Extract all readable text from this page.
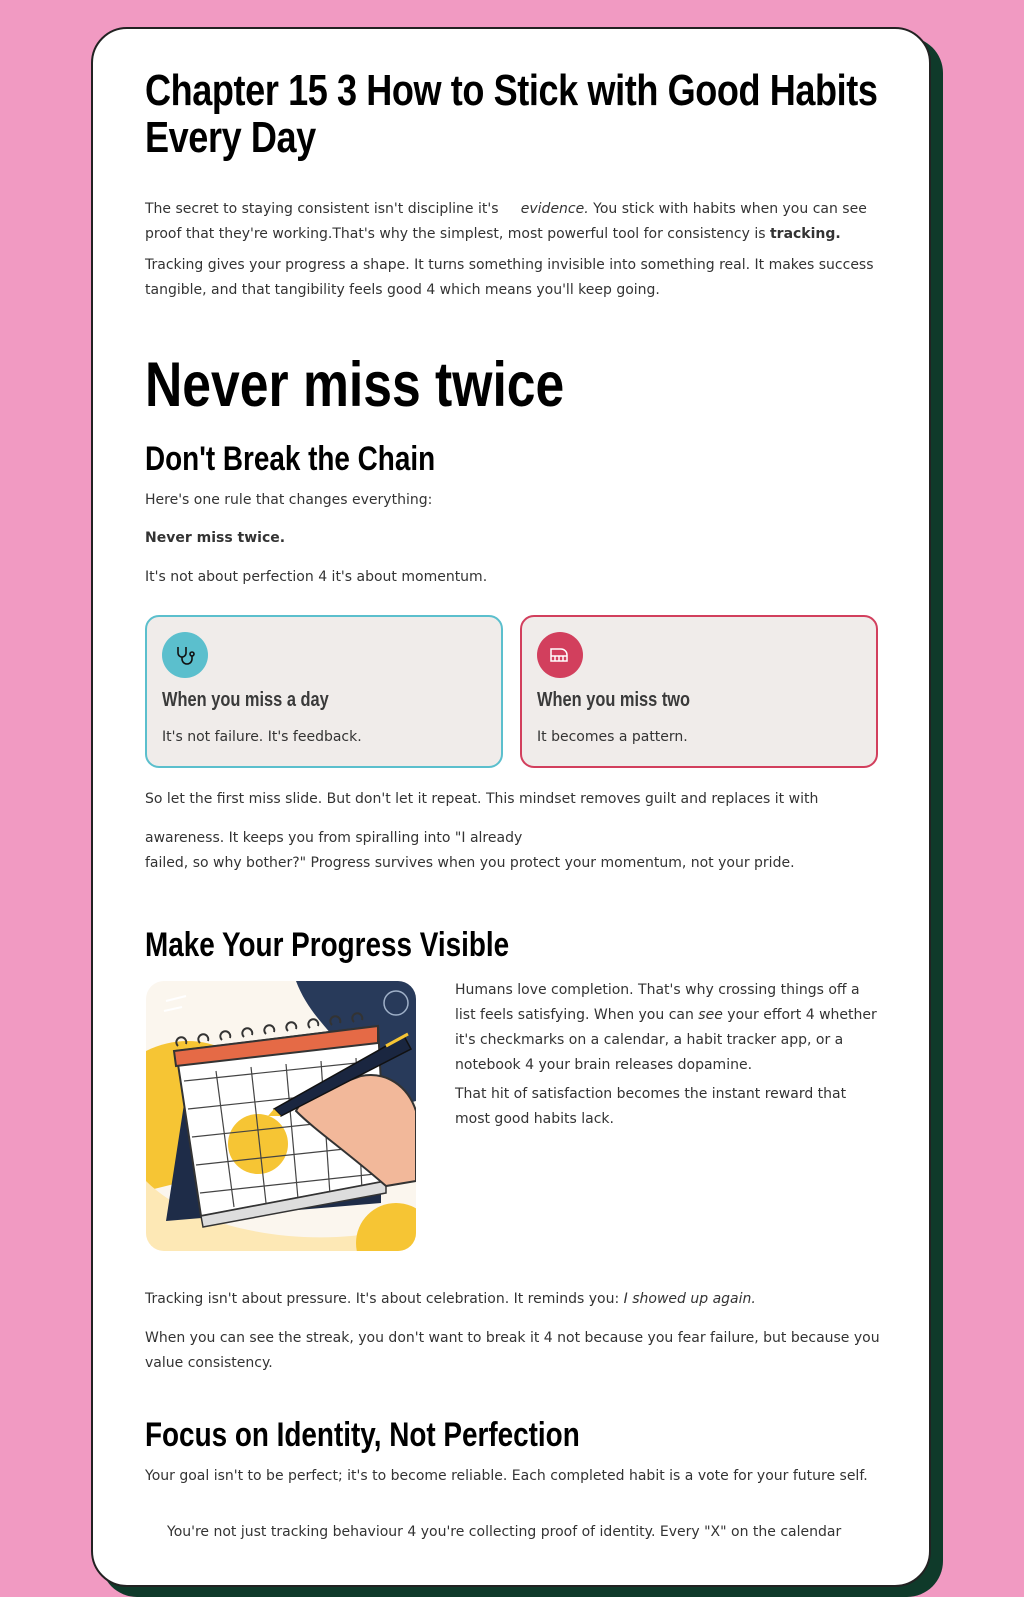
Chapter 15 3 How to Stick with Good Habits
Every Day
The secret to staying consistent isn't discipline it's evidence. You stick with habits when you can see
proof that they're working.That's why the simplest, most powerful tool for consistency is tracking.
Tracking gives your progress a shape. It turns something invisible into something real. It makes success
tangible, and that tangibility feels good 4 which means you'll keep going.
Never miss twice
Don't Break the Chain
Here's one rule that changes everything:
Never miss twice.
It's not about perfection 4 it's about momentum.
When you miss a day
It's not failure. It's feedback.
When you miss two
It becomes a pattern.
So let the first miss slide. But don't let it repeat. This mindset removes guilt and replaces it with
awareness. It keeps you from spiralling into "I already
failed, so why bother?" Progress survives when you protect your momentum, not your pride.
Make Your Progress Visible
Humans love completion. That's why crossing things off a
list feels satisfying. When you can see your effort 4 whether
it's checkmarks on a calendar, a habit tracker app, or a
notebook 4 your brain releases dopamine.
That hit of satisfaction becomes the instant reward that
most good habits lack.
Tracking isn't about pressure. It's about celebration. It reminds you: I showed up again.
When you can see the streak, you don't want to break it 4 not because you fear failure, but because you
value consistency.
Focus on Identity, Not Perfection
Your goal isn't to be perfect; it's to become reliable. Each completed habit is a vote for your future self.
You're not just tracking behaviour 4 you're collecting proof of identity. Every "X" on the calendar
